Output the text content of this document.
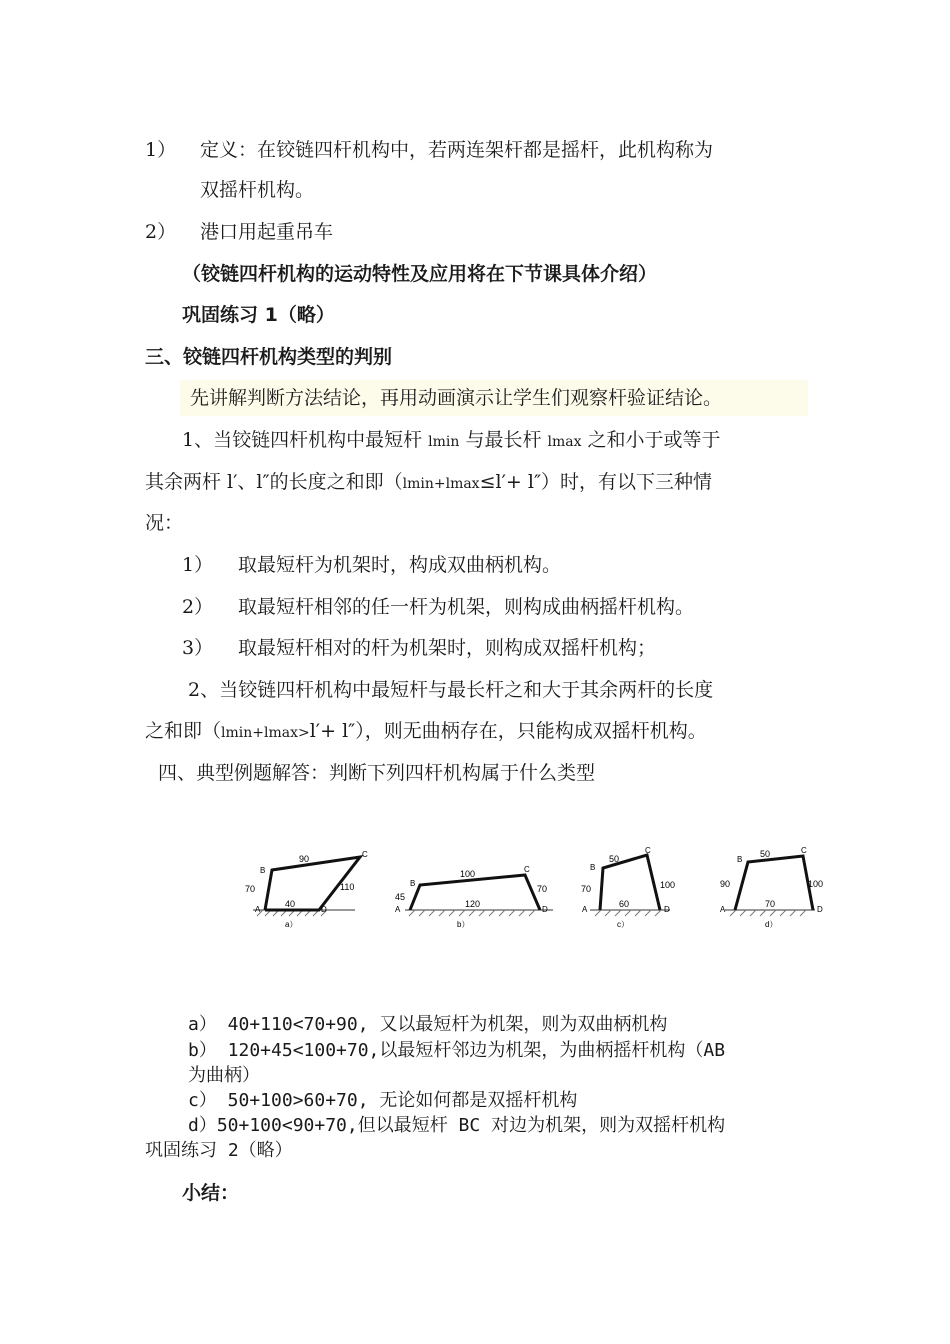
1） 定义：在铰链四杆机构中，若两连架杆都是摇杆，此机构称为
双摇杆机构。
2） 港口用起重吊车
（铰链四杆机构的运动特性及应用将在下节课具体介绍）
巩固练习 1（略）
三、铰链四杆机构类型的判别
先讲解判断方法结论，再用动画演示让学生们观察杆验证结论。
1、当铰链四杆机构中最短杆 lmin 与最长杆 lmax 之和小于或等于
其余两杆 l′、l″的长度之和即（lmin+lmax≤l′+ l″）时，有以下三种情
况：
1） 取最短杆为机架时，构成双曲柄机构。
2） 取最短杆相邻的任一杆为机架，则构成曲柄摇杆机构。
3） 取最短杆相对的杆为机架时，则构成双摇杆机构；
2、当铰链四杆机构中最短杆与最长杆之和大于其余两杆的长度
之和即（lmin+lmax>l′+ l″），则无曲柄存在，只能构成双摇杆机构。
四、典型例题解答：判断下列四杆机构属于什么类型
A
B
C
D
70
90
110
40
a）
A
B
C
D
45
100
70
120
b）
A
B
C
D
70
50
100
60
c）
A
B
C
D
90
50
100
70
d）
a） 40+110<70+90, 又以最短杆为机架，则为双曲柄机构
b） 120+45<100+70,以最短杆邻边为机架，为曲柄摇杆机构（AB
为曲柄）
c） 50+100>60+70, 无论如何都是双摇杆机构
d）50+100<90+70,但以最短杆 BC 对边为机架，则为双摇杆机构
巩固练习 2（略）
小结：
